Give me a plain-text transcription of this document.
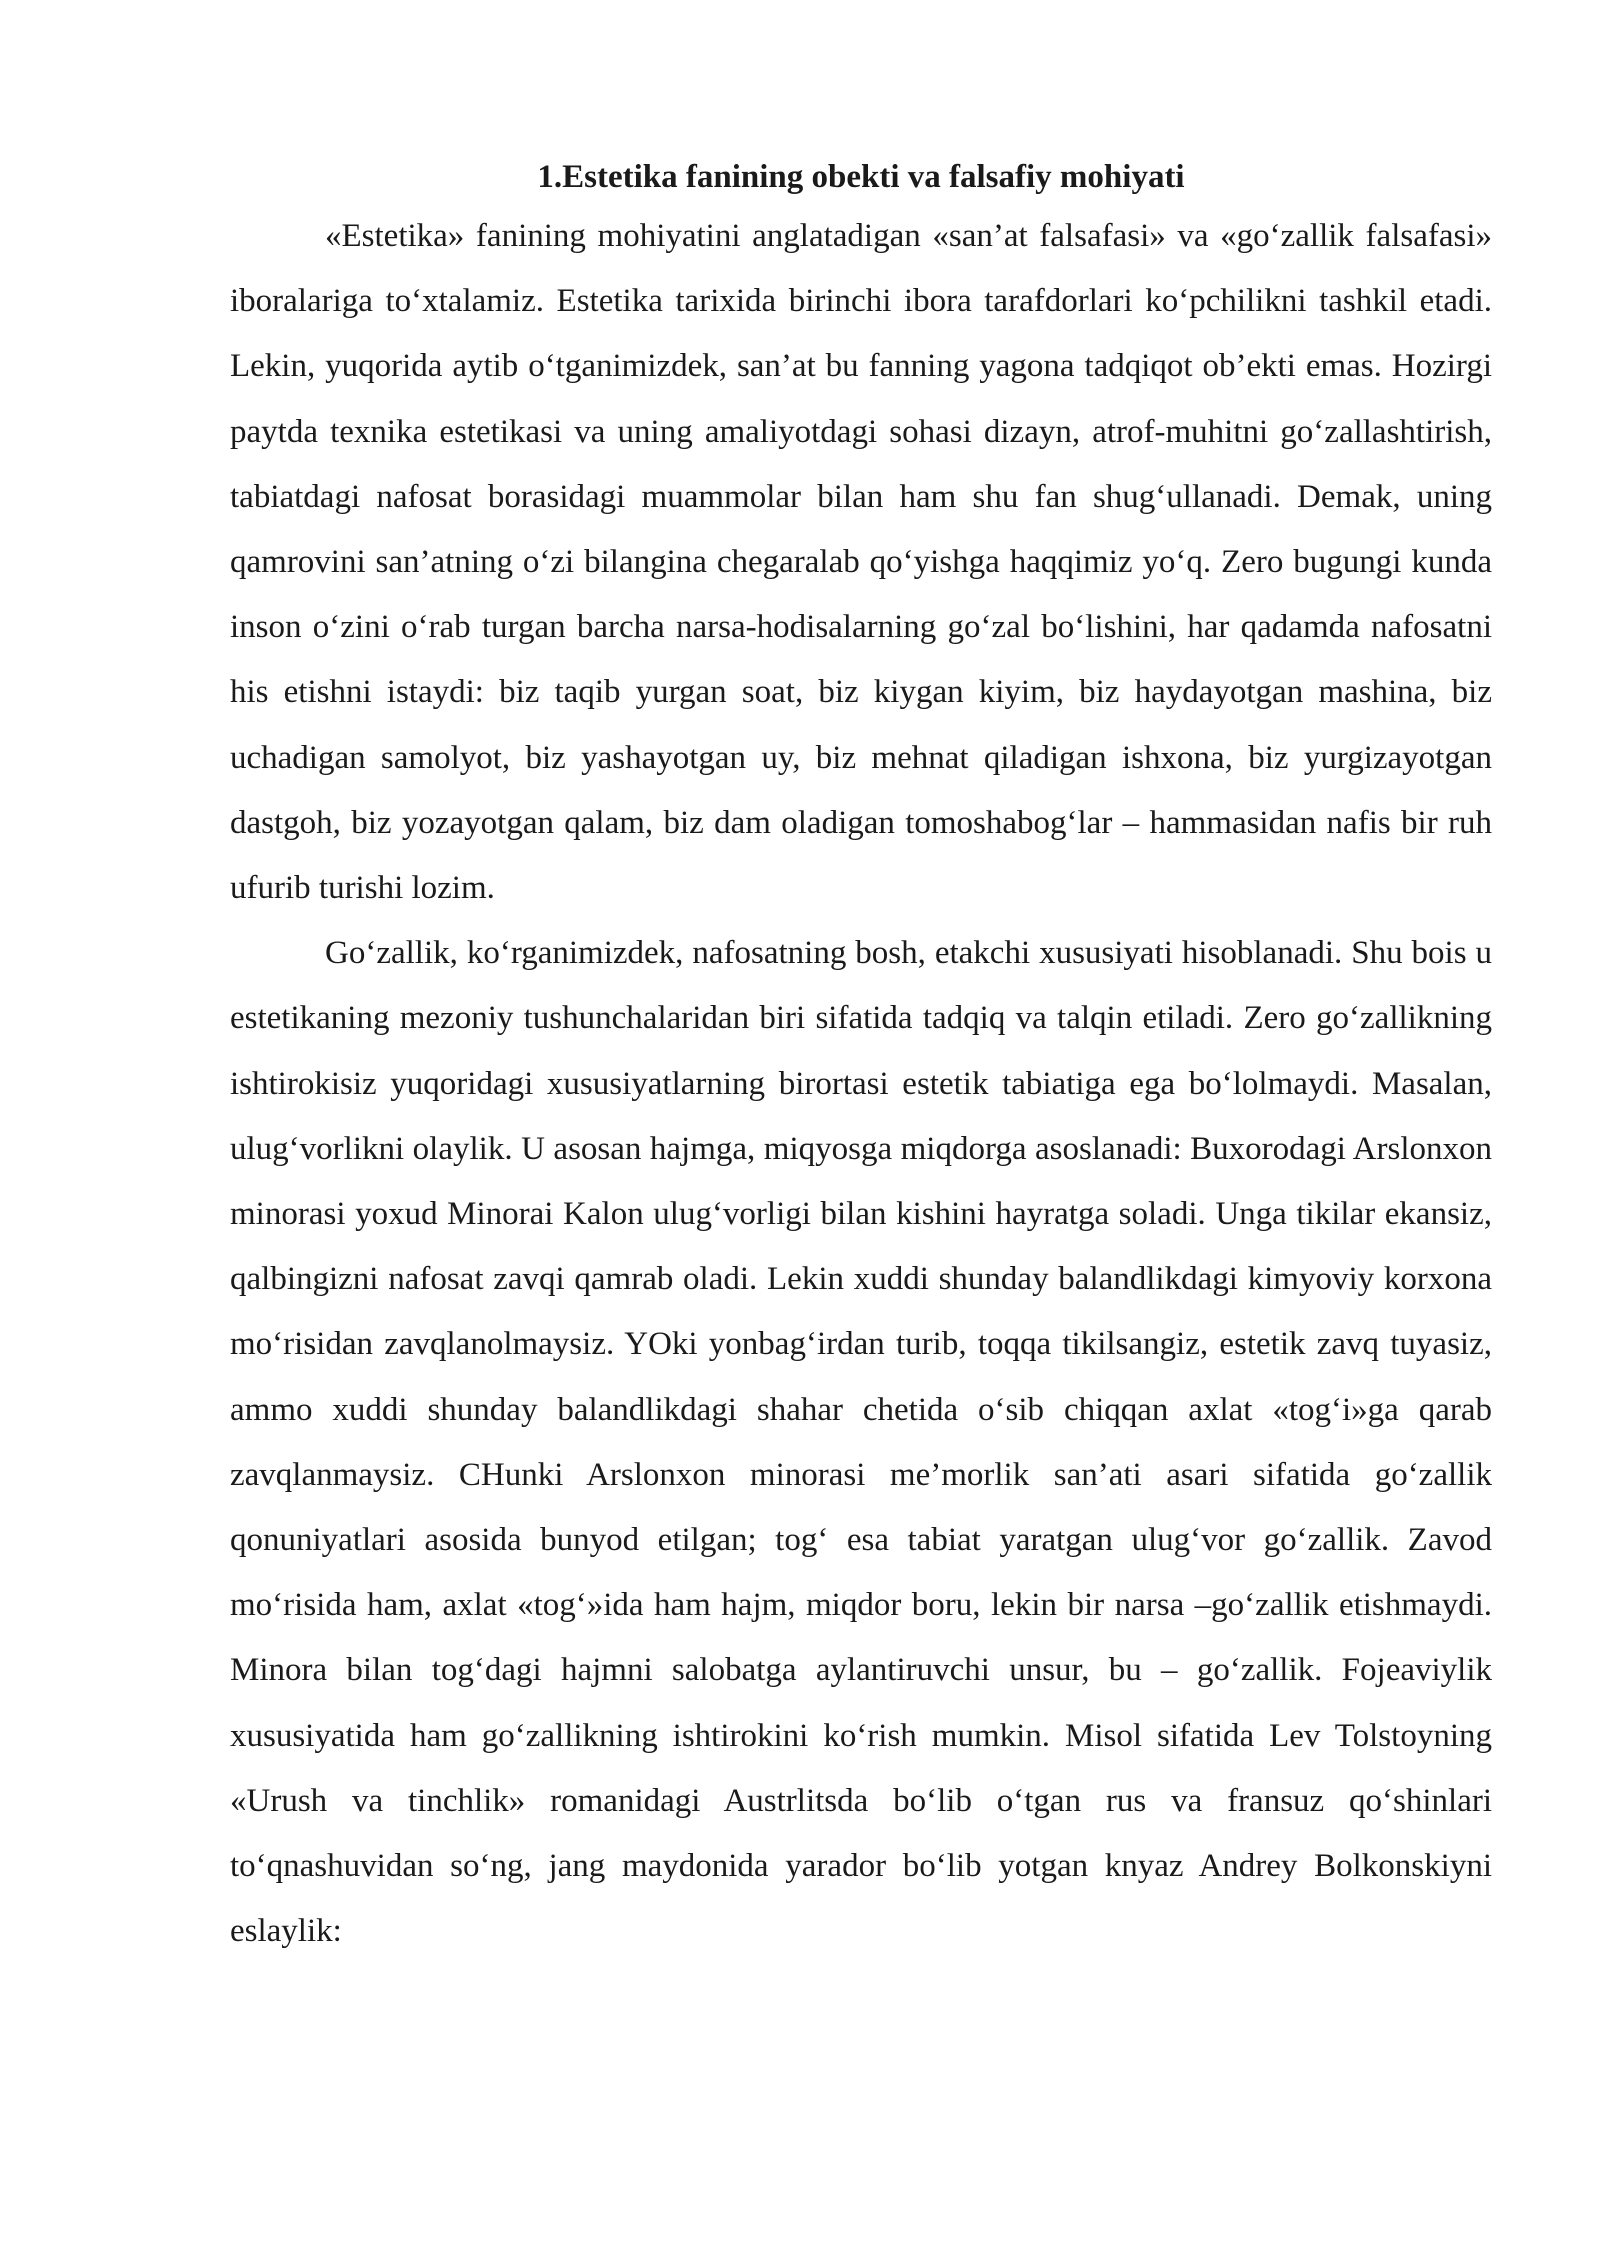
1.Estetika fanining obekti va falsafiy mohiyati

«Estetika» fanining mohiyatini anglatadigan «san’at falsafasi» va «go‘zallik falsafasi» iboralariga to‘xtalamiz. Estetika tarixida birinchi ibora tarafdorlari ko‘pchilikni tashkil etadi. Lekin, yuqorida aytib o‘tganimizdek, san’at bu fanning yagona tadqiqot ob’ekti emas. Hozirgi paytda texnika estetikasi va uning amaliyotdagi sohasi dizayn, atrof-muhitni go‘zallashtirish, tabiatdagi nafosat borasidagi muammolar bilan ham shu fan shug‘ullanadi. Demak, uning qamrovini san’atning o‘zi bilangina chegaralab qo‘yishga haqqimiz yo‘q. Zero bugungi kunda inson o‘zini o‘rab turgan barcha narsa-hodisalarning go‘zal bo‘lishini, har qadamda nafosatni his etishni istaydi: biz taqib yurgan soat, biz kiygan kiyim, biz haydayotgan mashina, biz uchadigan samolyot, biz yashayotgan uy, biz mehnat qiladigan ishxona, biz yurgizayotgan dastgoh, biz yozayotgan qalam, biz dam oladigan tomoshabog‘lar – hammasidan nafis bir ruh ufurib turishi lozim.

Go‘zallik, ko‘rganimizdek, nafosatning bosh, etakchi xususiyati hisoblanadi. Shu bois u estetikaning mezoniy tushunchalaridan biri sifatida tadqiq va talqin etiladi. Zero go‘zallikning ishtirokisiz yuqoridagi xususiyatlarning birortasi estetik tabiatiga ega bo‘lolmaydi. Masalan, ulug‘vorlikni olaylik. U asosan hajmga, miqyosga miqdorga asoslanadi: Buxorodagi Arslonxon minorasi yoxud Minorai Kalon ulug‘vorligi bilan kishini hayratga soladi. Unga tikilar ekansiz, qalbingizni nafosat zavqi qamrab oladi. Lekin xuddi shunday balandlikdagi kimyoviy korxona mo‘risidan zavqlanolmaysiz. YOki yonbag‘irdan turib, toqqa tikilsangiz, estetik zavq tuyasiz, ammo xuddi shunday balandlikdagi shahar chetida o‘sib chiqqan axlat «tog‘i»ga qarab zavqlanmaysiz. CHunki Arslonxon minorasi me’morlik san’ati asari sifatida go‘zallik qonuniyatlari asosida bunyod etilgan; tog‘ esa tabiat yaratgan ulug‘vor go‘zallik. Zavod mo‘risida ham, axlat «tog‘»ida ham hajm, miqdor boru, lekin bir narsa –go‘zallik etishmaydi. Minora bilan tog‘dagi hajmni salobatga aylantiruvchi unsur, bu – go‘zallik. Fojeaviylik xususiyatida ham go‘zallikning ishtirokini ko‘rish mumkin. Misol sifatida Lev Tolstoyning «Urush va tinchlik» romanidagi Austrlitsda bo‘lib o‘tgan rus va fransuz qo‘shinlari to‘qnashuvidan so‘ng, jang maydonida yarador bo‘lib yotgan knyaz Andrey Bolkonskiyni eslaylik:
